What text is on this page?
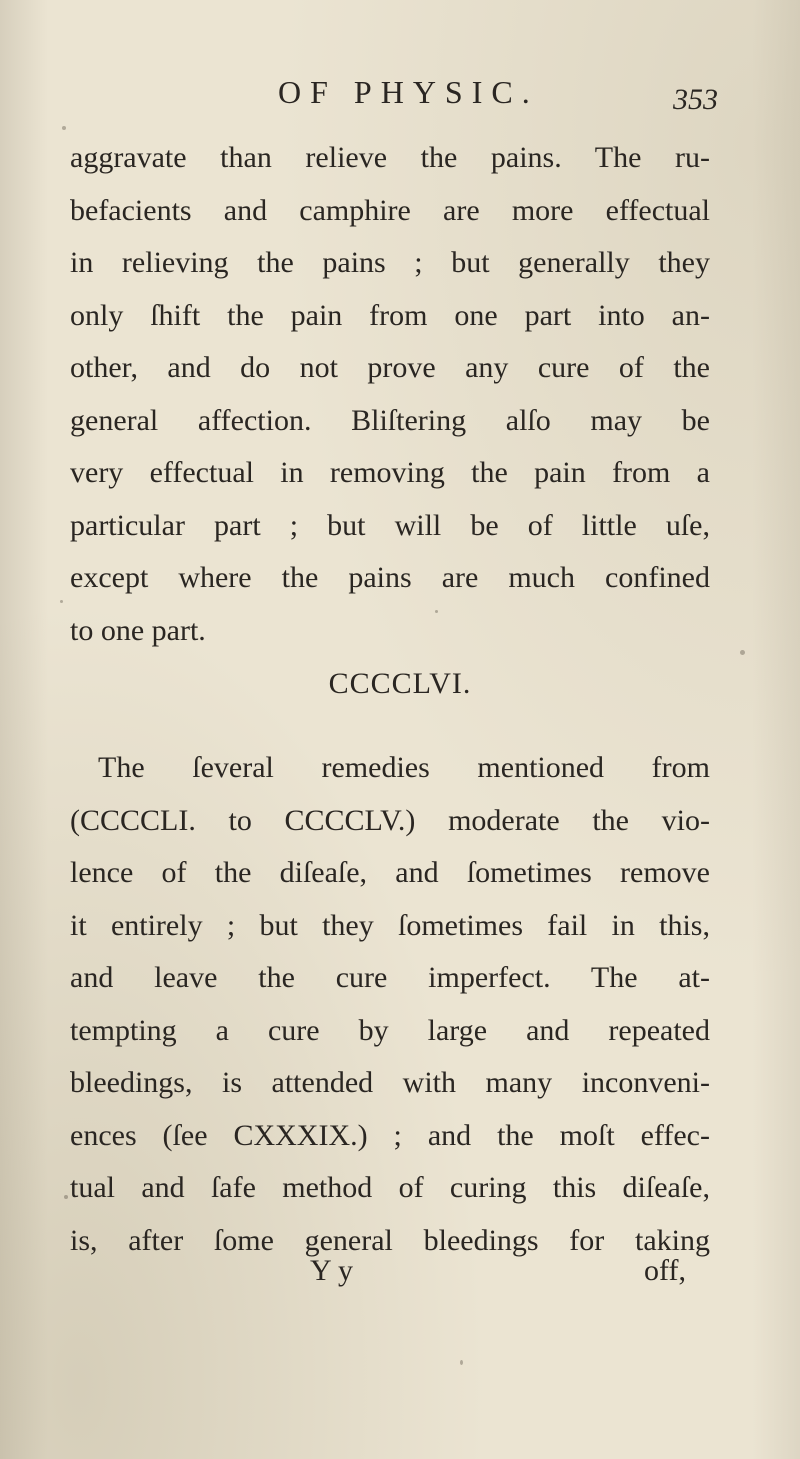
OF PHYSIC.	353
aggravate than relieve the pains. The ru-
befacients and camphire are more effectual
in relieving the pains ; but generally they
only ſhift the pain from one part into an-
other, and do not prove any cure of the
general affection. Bliſtering alſo may be
very effectual in removing the pain from a
particular part ; but will be of little uſe,
except where the pains are much confined
to one part.
CCCCLVI.
The ſeveral remedies mentioned from
(CCCCLI. to CCCCLV.) moderate the vio-
lence of the diſeaſe, and ſometimes remove
it entirely ; but they ſometimes fail in this,
and leave the cure imperfect. The at-
tempting a cure by large and repeated
bleedings, is attended with many inconveni-
ences (ſee CXXXIX.) ; and the moſt effec-
tual and ſafe method of curing this diſeaſe,
is, after ſome general bleedings for taking
Y y	off,
